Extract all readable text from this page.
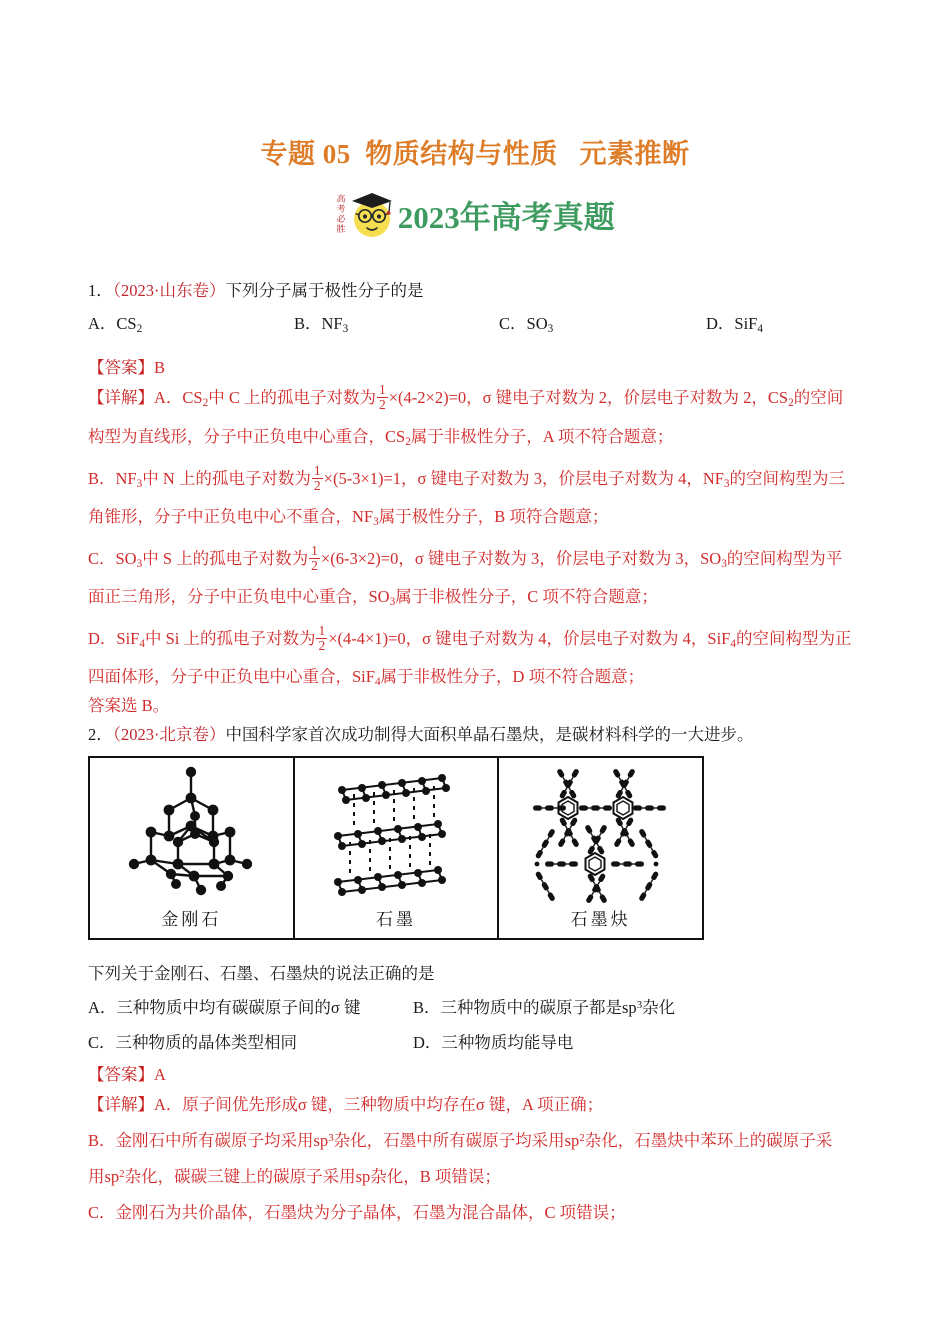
专题 05  物质结构与性质   元素推断
高考必胜 2023年高考真题
1．（2023·山东卷）下列分子属于极性分子的是
A．$CS_2$	B．$NF_3$	C．$SO_3$	D．SiF$_4$
【答案】B
【详解】A．$CS_2$中 C 上的孤电子对数为 $\frac{1}{2} \times(4-2\times 2)=0$，σ 键电子对数为 2，价层电子对数为 2，$CS_2$的空间
构型为直线形，分子中正负电中心重合，$CS_2$属于非极性分子，A 项不符合题意；
B．$NF_3$中 N 上的孤电子对数为 $\frac{1}{2} \times(5-3\times 1)=1$，σ 键电子对数为 3，价层电子对数为 4，$NF_3$的空间构型为三
角锥形，分子中正负电中心不重合，$NF_3$属于极性分子，B 项符合题意；
C．$SO_3$中 S 上的孤电子对数为 $\frac{1}{2} \times(6-3\times 2)=0$，σ 键电子对数为 3，价层电子对数为 3，$SO_3$的空间构型为平
面正三角形，分子中正负电中心重合，$SO_3$属于非极性分子，C 项不符合题意；
D．SiF$_4$中 Si 上的孤电子对数为 $\frac{1}{2} \times(4-4\times 1)=0$，σ 键电子对数为 4，价层电子对数为 4，SiF$_4$的空间构型为正
四面体形，分子中正负电中心重合，SiF$_4$属于非极性分子，D 项不符合题意；
答案选 B。
2．（2023·北京卷）中国科学家首次成功制得大面积单晶石墨炔，是碳材料科学的一大进步。
金刚石	石墨	石墨炔
下列关于金刚石、石墨、石墨炔的说法正确的是
A．三种物质中均有碳碳原子间的σ 键	B．三种物质中的碳原子都是$sp^3$杂化
C．三种物质的晶体类型相同	D．三种物质均能导电
【答案】A
【详解】A．原子间优先形成σ 键，三种物质中均存在σ 键，A 项正确；
B．金刚石中所有碳原子均采用$sp^3$杂化，石墨中所有碳原子均采用$sp^2$杂化，石墨炔中苯环上的碳原子采
用$sp^2$杂化，碳碳三键上的碳原子采用sp杂化，B 项错误；
C．金刚石为共价晶体，石墨炔为分子晶体，石墨为混合晶体，C 项错误；
